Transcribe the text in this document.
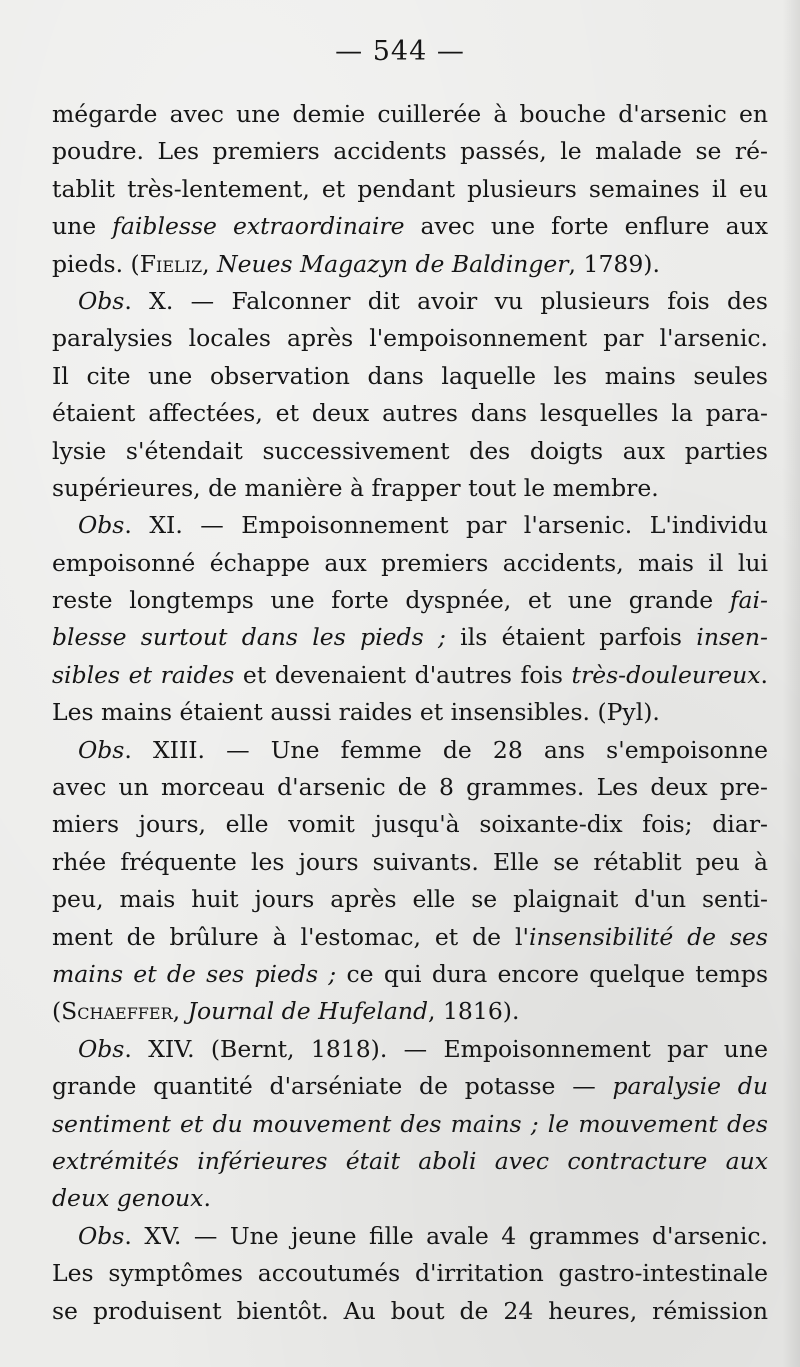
— 544 —
mégarde avec une demie cuillerée à bouche d'arsenic en
poudre. Les premiers accidents passés, le malade se ré-
tablit très-lentement, et pendant plusieurs semaines il eu
une faiblesse extraordinaire avec une forte enflure aux
pieds. (Fieliz, Neues Magazyn de Baldinger, 1789).
Obs. X. — Falconner dit avoir vu plusieurs fois des
paralysies locales après l'empoisonnement par l'arsenic.
Il cite une observation dans laquelle les mains seules
étaient affectées, et deux autres dans lesquelles la para-
lysie s'étendait successivement des doigts aux parties
supérieures, de manière à frapper tout le membre.
Obs. XI. — Empoisonnement par l'arsenic. L'individu
empoisonné échappe aux premiers accidents, mais il lui
reste longtemps une forte dyspnée, et une grande fai-
blesse surtout dans les pieds ; ils étaient parfois insen-
sibles et raides et devenaient d'autres fois très-douleureux.
Les mains étaient aussi raides et insensibles. (Pyl).
Obs. XIII. — Une femme de 28 ans s'empoisonne
avec un morceau d'arsenic de 8 grammes. Les deux pre-
miers jours, elle vomit jusqu'à soixante-dix fois; diar-
rhée fréquente les jours suivants. Elle se rétablit peu à
peu, mais huit jours après elle se plaignait d'un senti-
ment de brûlure à l'estomac, et de l'insensibilité de ses
mains et de ses pieds ; ce qui dura encore quelque temps
(Schaeffer, Journal de Hufeland, 1816).
Obs. XIV. (Bernt, 1818). — Empoisonnement par une
grande quantité d'arséniate de potasse — paralysie du
sentiment et du mouvement des mains ; le mouvement des
extrémités inférieures était aboli avec contracture aux
deux genoux.
Obs. XV. — Une jeune fille avale 4 grammes d'arsenic.
Les symptômes accoutumés d'irritation gastro-intestinale
se produisent bientôt. Au bout de 24 heures, rémission
